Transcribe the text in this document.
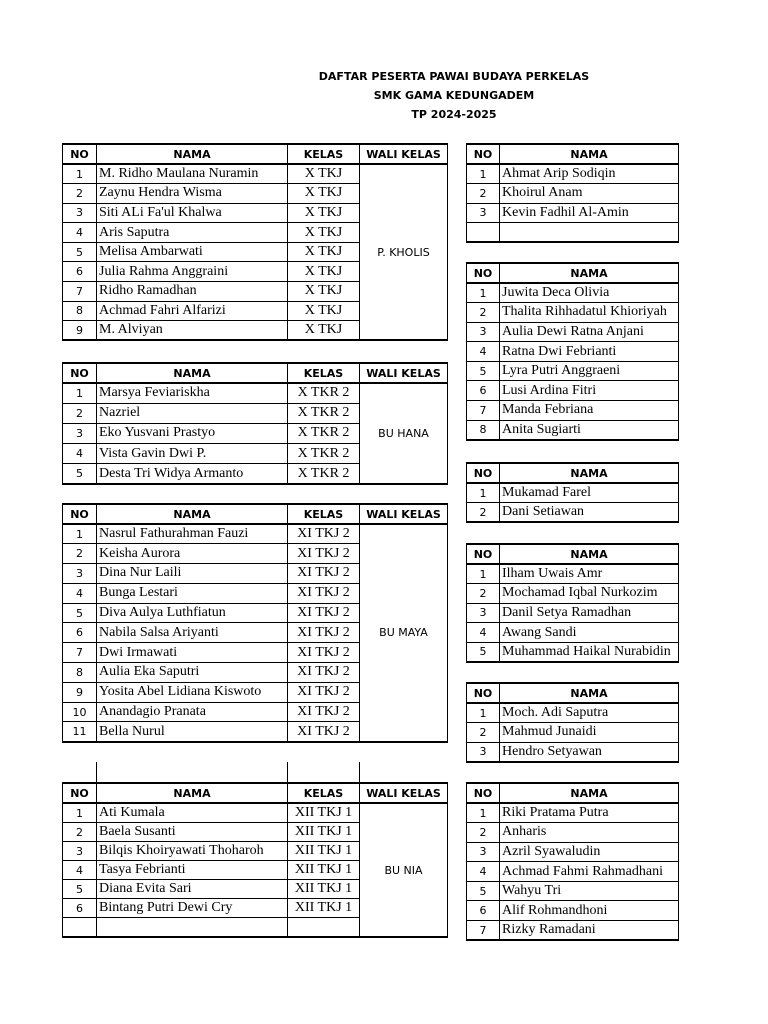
DAFTAR PESERTA PAWAI BUDAYA PERKELAS
SMK GAMA KEDUNGADEM
TP 2024-2025
NO	NAMA	KELAS	WALI KELAS
1	M. Ridho Maulana Nuramin	X TKJ	P. KHOLIS
2	Zaynu Hendra Wisma	X TKJ	
3	Siti ALi Fa'ul Khalwa	X TKJ	
4	Aris Saputra	X TKJ	
5	Melisa Ambarwati	X TKJ	
6	Julia Rahma Anggraini	X TKJ	
7	Ridho Ramadhan	X TKJ	
8	Achmad Fahri Alfarizi	X TKJ	
9	M. Alviyan	X TKJ	
NO	NAMA	KELAS	WALI KELAS
1	Marsya Feviariskha	X TKR 2	BU HANA
2	Nazriel	X TKR 2	
3	Eko Yusvani Prastyo	X TKR 2	
4	Vista Gavin Dwi P.	X TKR 2	
5	Desta Tri Widya Armanto	X TKR 2	
NO	NAMA	KELAS	WALI KELAS
1	Nasrul Fathurahman Fauzi	XI TKJ 2	BU MAYA
2	Keisha Aurora	XI TKJ 2	
3	Dina Nur Laili	XI TKJ 2	
4	Bunga Lestari	XI TKJ 2	
5	Diva Aulya Luthfiatun	XI TKJ 2	
6	Nabila Salsa Ariyanti	XI TKJ 2	
7	Dwi Irmawati	XI TKJ 2	
8	Aulia Eka Saputri	XI TKJ 2	
9	Yosita Abel Lidiana Kiswoto	XI TKJ 2	
10	Anandagio Pranata	XI TKJ 2	
11	Bella Nurul	XI TKJ 2	
NO	NAMA	KELAS	WALI KELAS
1	Ati Kumala	XII TKJ 1	BU NIA
2	Baela Susanti	XII TKJ 1	
3	Bilqis Khoiryawati Thoharoh	XII TKJ 1	
4	Tasya Febrianti	XII TKJ 1	
5	Diana Evita Sari	XII TKJ 1	
6	Bintang Putri Dewi Cry	XII TKJ 1	

NO	NAMA
1	Ahmat Arip Sodiqin
2	Khoirul Anam
3	Kevin Fadhil Al-Amin

NO	NAMA
1	Juwita Deca Olivia
2	Thalita Rihhadatul Khioriyah
3	Aulia Dewi Ratna Anjani
4	Ratna Dwi Febrianti
5	Lyra Putri Anggraeni
6	Lusi Ardina Fitri
7	Manda Febriana
8	Anita Sugiarti
NO	NAMA
1	Mukamad Farel
2	Dani Setiawan
NO	NAMA
1	Ilham Uwais Amr
2	Mochamad Iqbal Nurkozim
3	Danil Setya Ramadhan
4	Awang Sandi
5	Muhammad Haikal Nurabidin
NO	NAMA
1	Moch. Adi Saputra
2	Mahmud Junaidi
3	Hendro Setyawan
NO	NAMA
1	Riki Pratama Putra
2	Anharis
3	Azril Syawaludin
4	Achmad Fahmi Rahmadhani
5	Wahyu Tri
6	Alif Rohmandhoni
7	Rizky Ramadani
